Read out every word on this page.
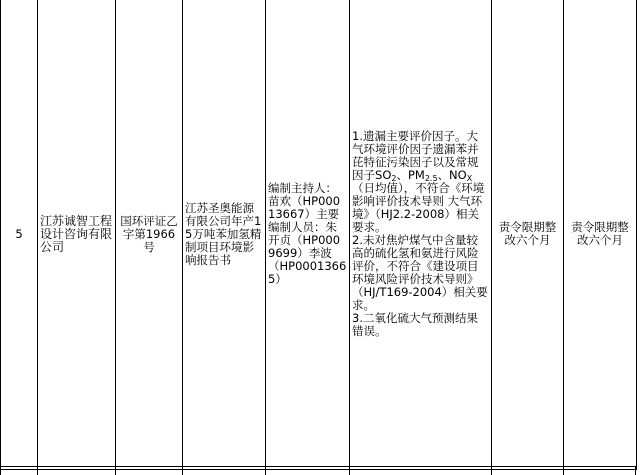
5

江苏诚智工程设计咨询有限公司

国环评证乙字第1966号

江苏圣奥能源有限公司年产15万吨苯加氢精制项目环境影响报告书

编制主持人：苗欢（HP00013667）主要编制人员：朱开贞（HP0009699）李波（HP00013665）

1.遗漏主要评价因子。大气环境评价因子遗漏苯并芘特征污染因子以及常规因子$SO_2$、$PM_{2.5}$、$NO_X$（日均值），不符合《环境影响评价技术导则 大气环境》（HJ2.2-2008）相关要求。
2.未对焦炉煤气中含量较高的硫化氢和氨进行风险评价，不符合《建设项目环境风险评价技术导则》（HJ/T169-2004）相关要求。
3.二氧化硫大气预测结果错误。

责令限期整改六个月

责令限期整改六个月
